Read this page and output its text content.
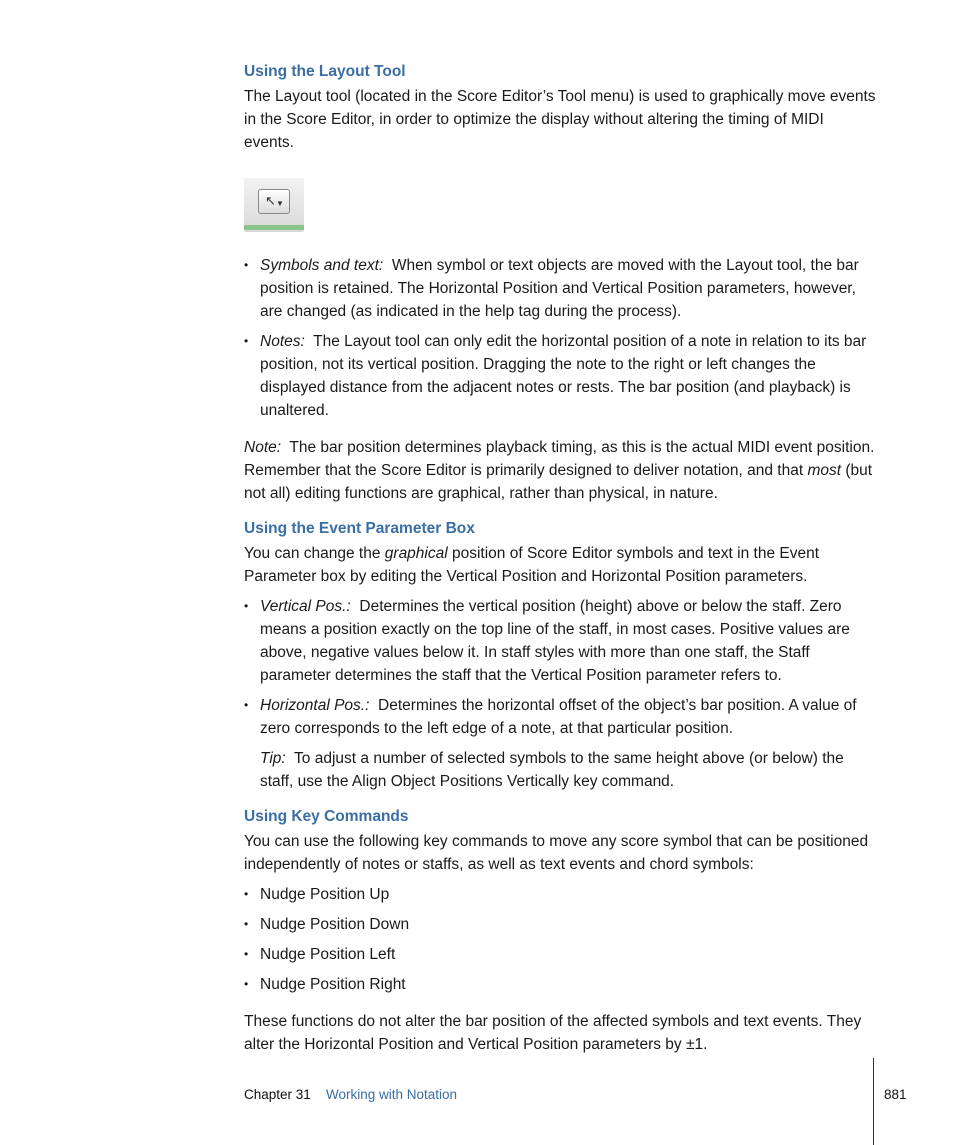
Using the Layout Tool

The Layout tool (located in the Score Editor’s Tool menu) is used to graphically move events in the Score Editor, in order to optimize the display without altering the timing of MIDI events.

↖ ▼
• Symbols and text: When symbol or text objects are moved with the Layout tool, the bar position is retained. The Horizontal Position and Vertical Position parameters, however, are changed (as indicated in the help tag during the process).
• Notes: The Layout tool can only edit the horizontal position of a note in relation to its bar position, not its vertical position. Dragging the note to the right or left changes the displayed distance from the adjacent notes or rests. The bar position (and playback) is unaltered.

Note: The bar position determines playback timing, as this is the actual MIDI event position. Remember that the Score Editor is primarily designed to deliver notation, and that most (but not all) editing functions are graphical, rather than physical, in nature.

Using the Event Parameter Box

You can change the graphical position of Score Editor symbols and text in the Event Parameter box by editing the Vertical Position and Horizontal Position parameters.

• Vertical Pos.: Determines the vertical position (height) above or below the staff. Zero means a position exactly on the top line of the staff, in most cases. Positive values are above, negative values below it. In staff styles with more than one staff, the Staff parameter determines the staff that the Vertical Position parameter refers to.
• Horizontal Pos.: Determines the horizontal offset of the object’s bar position. A value of zero corresponds to the left edge of a note, at that particular position.

Tip: To adjust a number of selected symbols to the same height above (or below) the staff, use the Align Object Positions Vertically key command.

Using Key Commands

You can use the following key commands to move any score symbol that can be positioned independently of notes or staffs, as well as text events and chord symbols:

• Nudge Position Up
• Nudge Position Down
• Nudge Position Left
• Nudge Position Right

These functions do not alter the bar position of the affected symbols and text events. They alter the Horizontal Position and Vertical Position parameters by ±1.

Chapter 31 Working with Notation	881
